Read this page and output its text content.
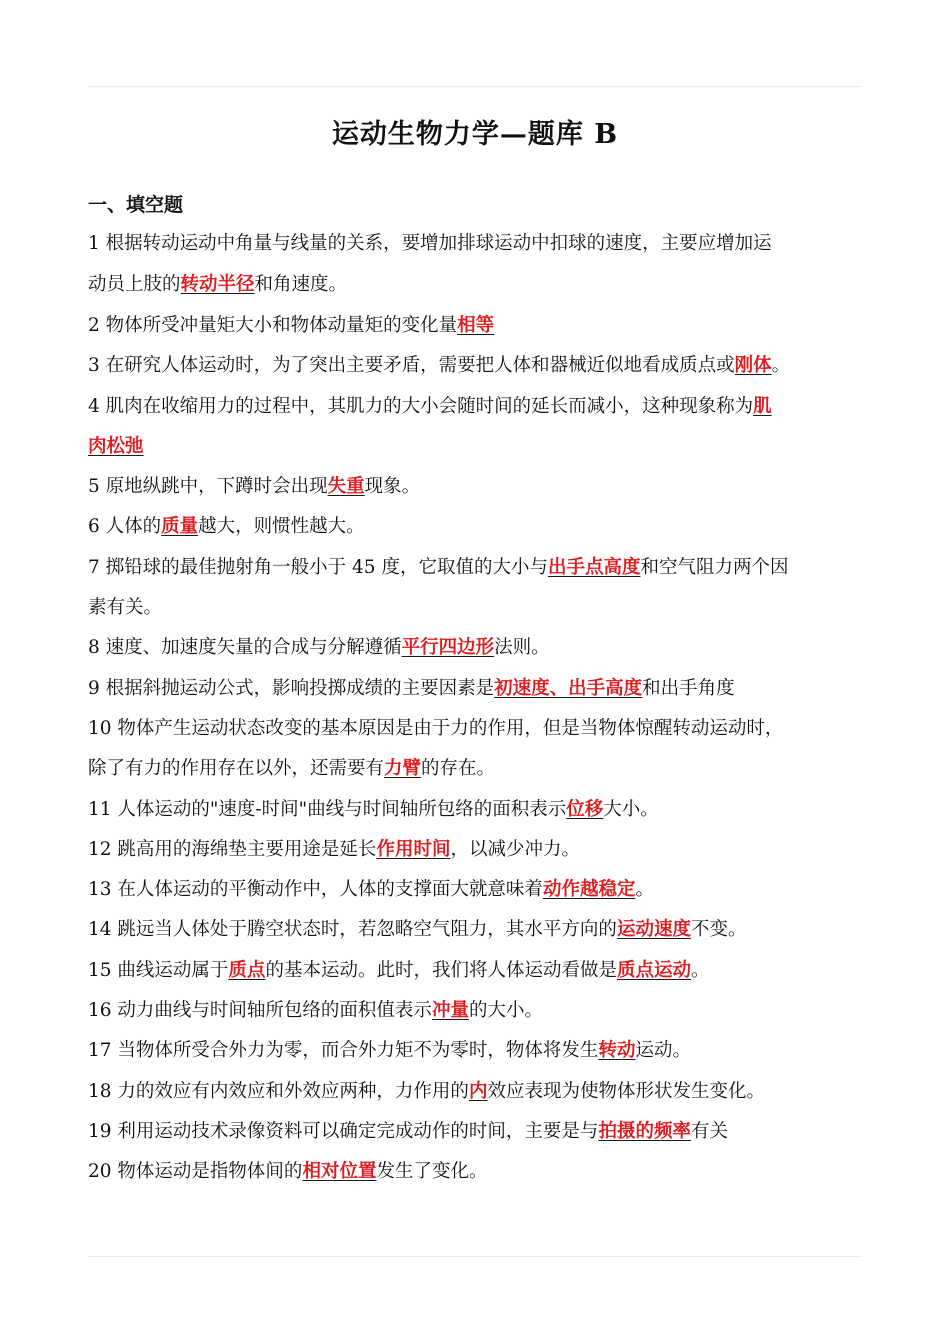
运动生物力学—题库 B
一、填空题
1 根据转动运动中角量与线量的关系，要增加排球运动中扣球的速度，主要应增加运
动员上肢的转动半径和角速度。
2 物体所受冲量矩大小和物体动量矩的变化量相等
3 在研究人体运动时，为了突出主要矛盾，需要把人体和器械近似地看成质点或刚体。
4 肌肉在收缩用力的过程中，其肌力的大小会随时间的延长而减小，这种现象称为肌
肉松弛
5 原地纵跳中，下蹲时会出现失重现象。
6 人体的质量越大，则惯性越大。
7 掷铅球的最佳抛射角一般小于 45 度，它取值的大小与出手点高度和空气阻力两个因
素有关。
8 速度、加速度矢量的合成与分解遵循平行四边形法则。
9 根据斜抛运动公式，影响投掷成绩的主要因素是初速度、出手高度和出手角度
10 物体产生运动状态改变的基本原因是由于力的作用，但是当物体惊醒转动运动时，
除了有力的作用存在以外，还需要有力臂的存在。
11 人体运动的"速度-时间"曲线与时间轴所包络的面积表示位移大小。
12 跳高用的海绵垫主要用途是延长作用时间，以减少冲力。
13 在人体运动的平衡动作中，人体的支撑面大就意味着动作越稳定。
14 跳远当人体处于腾空状态时，若忽略空气阻力，其水平方向的运动速度不变。
15 曲线运动属于质点的基本运动。此时，我们将人体运动看做是质点运动。
16 动力曲线与时间轴所包络的面积值表示冲量的大小。
17 当物体所受合外力为零，而合外力矩不为零时，物体将发生转动运动。
18 力的效应有内效应和外效应两种，力作用的内效应表现为使物体形状发生变化。
19 利用运动技术录像资料可以确定完成动作的时间，主要是与拍摄的频率有关
20 物体运动是指物体间的相对位置发生了变化。
